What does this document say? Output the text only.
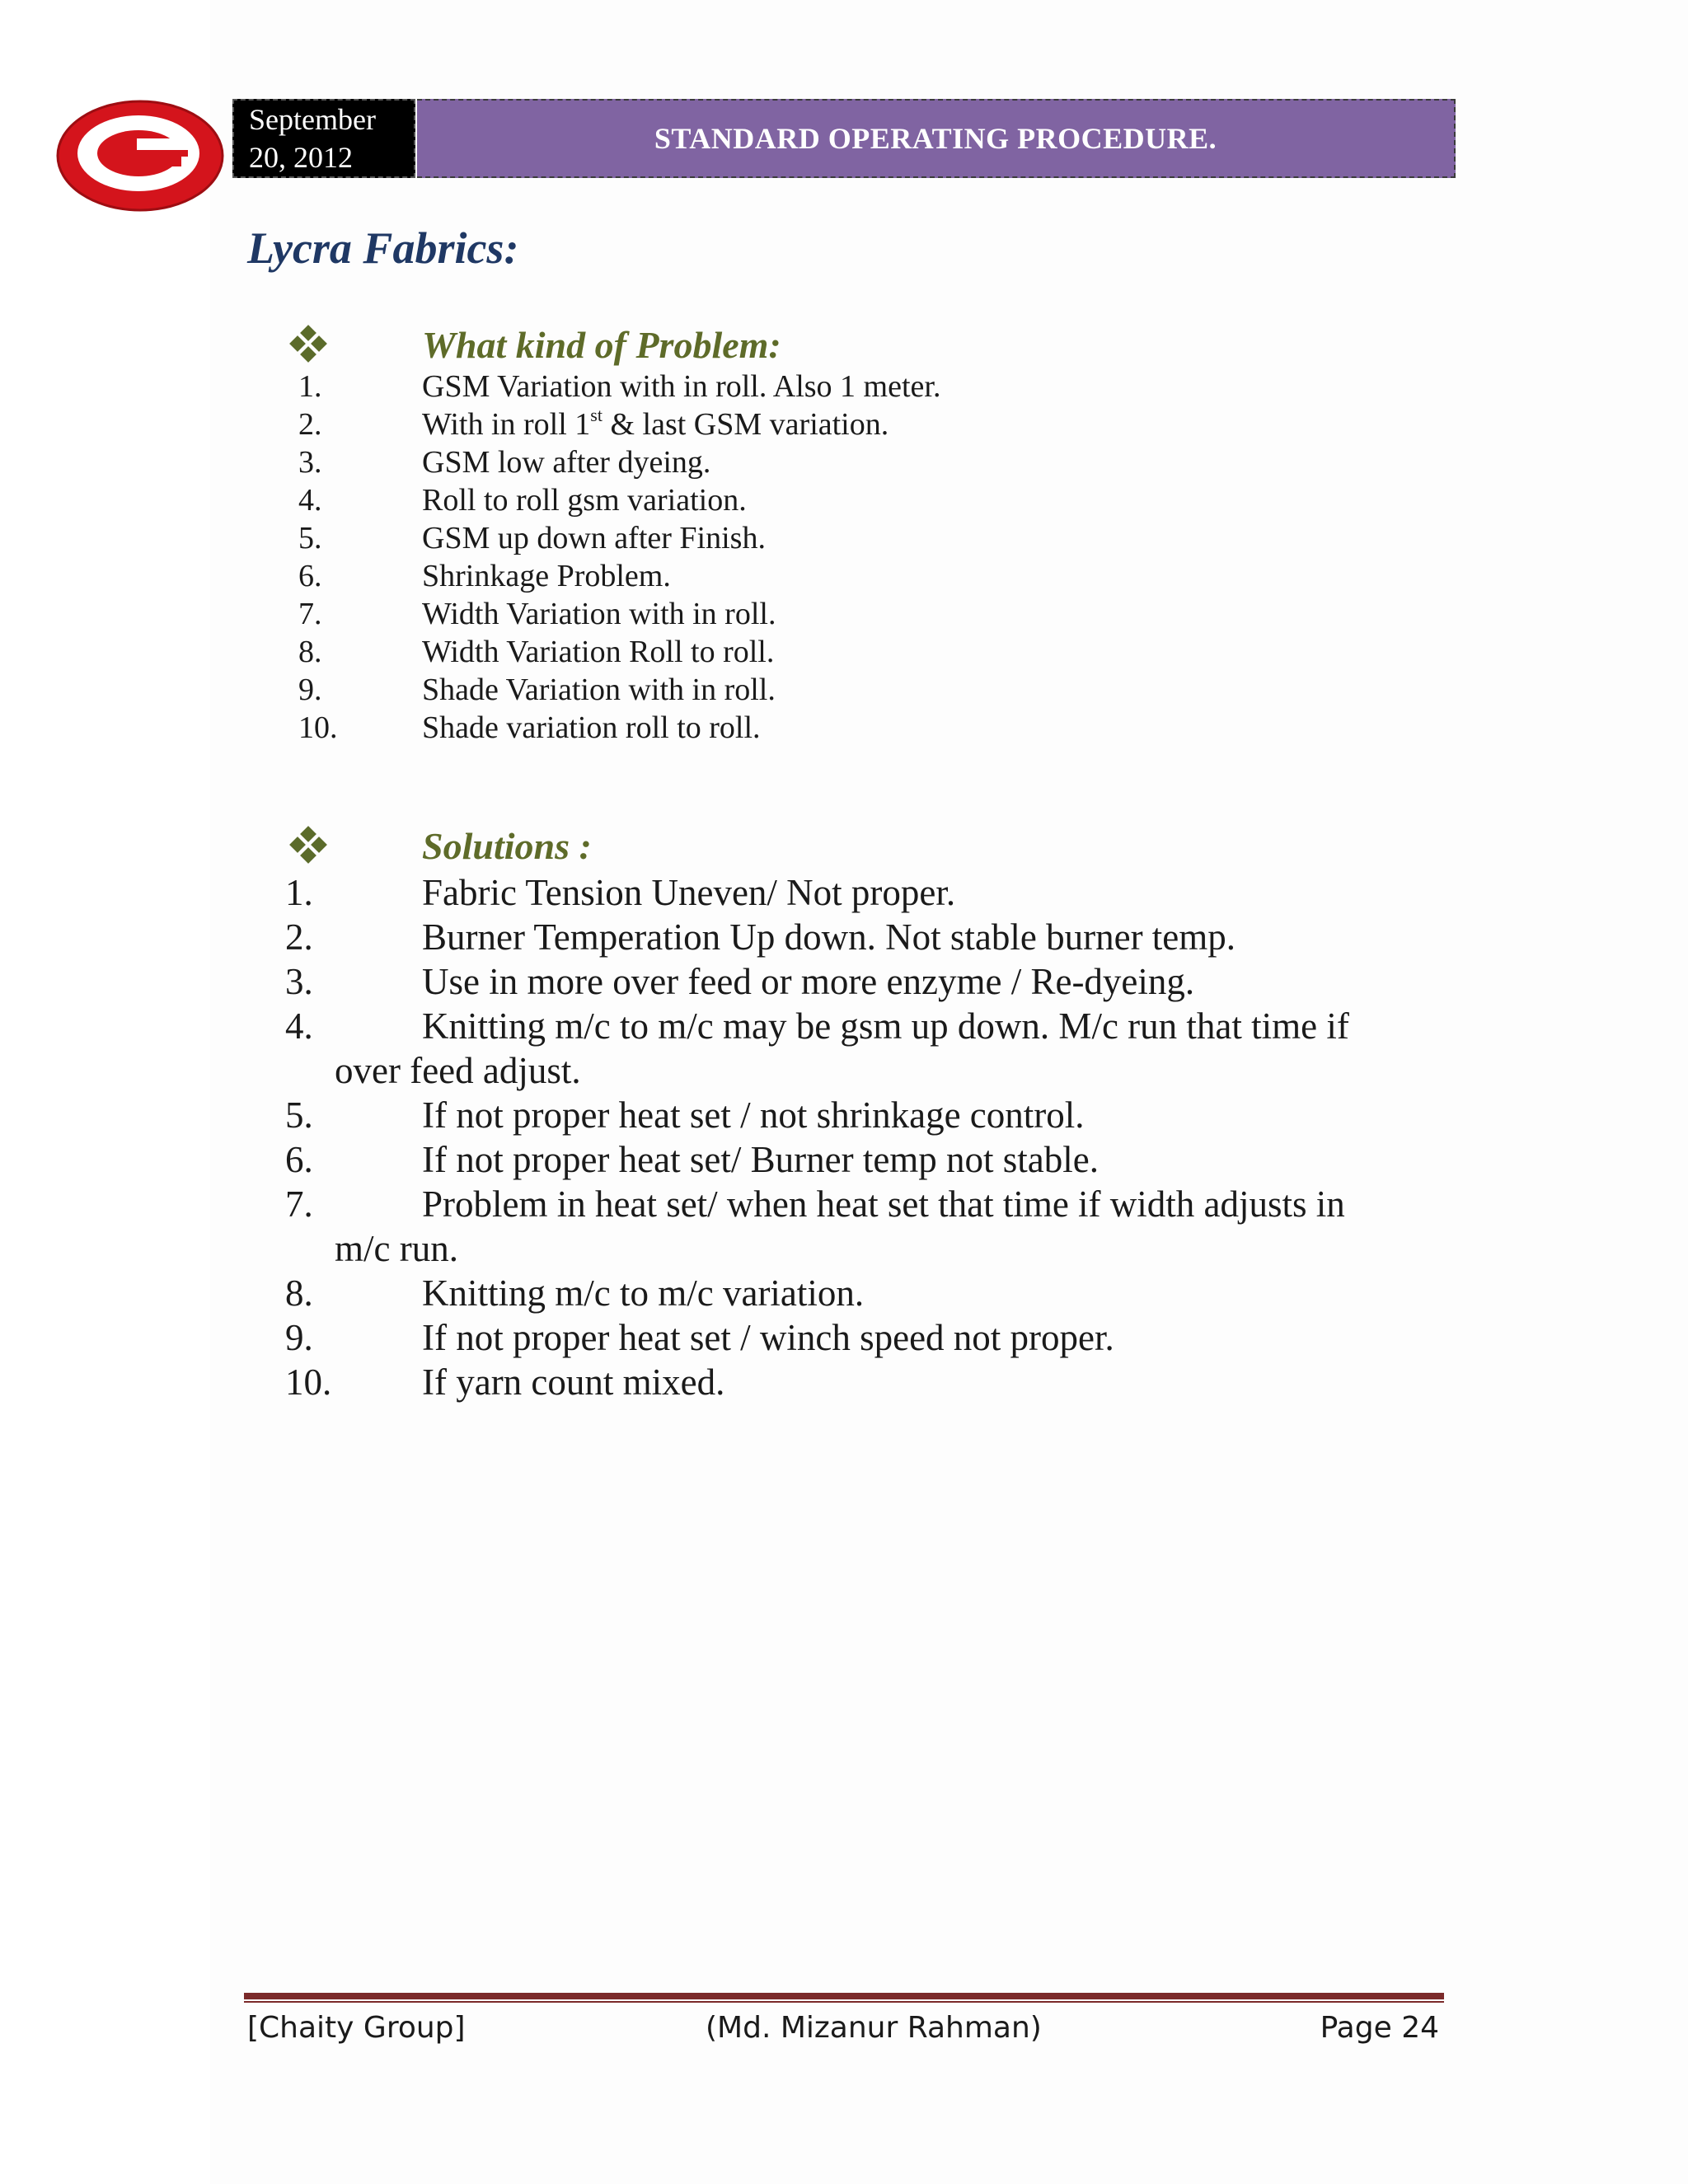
September
20, 2012
STANDARD OPERATING PROCEDURE.
Lycra Fabrics:
What kind of Problem:
1.	GSM Variation with in roll. Also 1 meter.
2.	With in roll 1st & last GSM variation.
3.	GSM low after dyeing.
4.	Roll to roll gsm variation.
5.	GSM up down after Finish.
6.	Shrinkage Problem.
7.	Width Variation with in roll.
8.	Width Variation Roll to roll.
9.	Shade Variation with in roll.
10.	Shade variation roll to roll.
Solutions :
1.	Fabric Tension Uneven/ Not proper.
2.	Burner Temperation Up down. Not stable burner temp.
3.	Use in more over feed or more enzyme / Re-dyeing.
4.	Knitting m/c to m/c may be gsm up down. M/c run that time if over feed adjust.
5.	If not proper heat set / not shrinkage control.
6.	If not proper heat set/ Burner temp not stable.
7.	Problem in heat set/ when heat set that time if width adjusts in m/c run.
8.	Knitting m/c to m/c variation.
9.	If not proper heat set / winch speed not proper.
10.	If yarn count mixed.
[Chaity Group]	(Md. Mizanur Rahman)	Page 24
